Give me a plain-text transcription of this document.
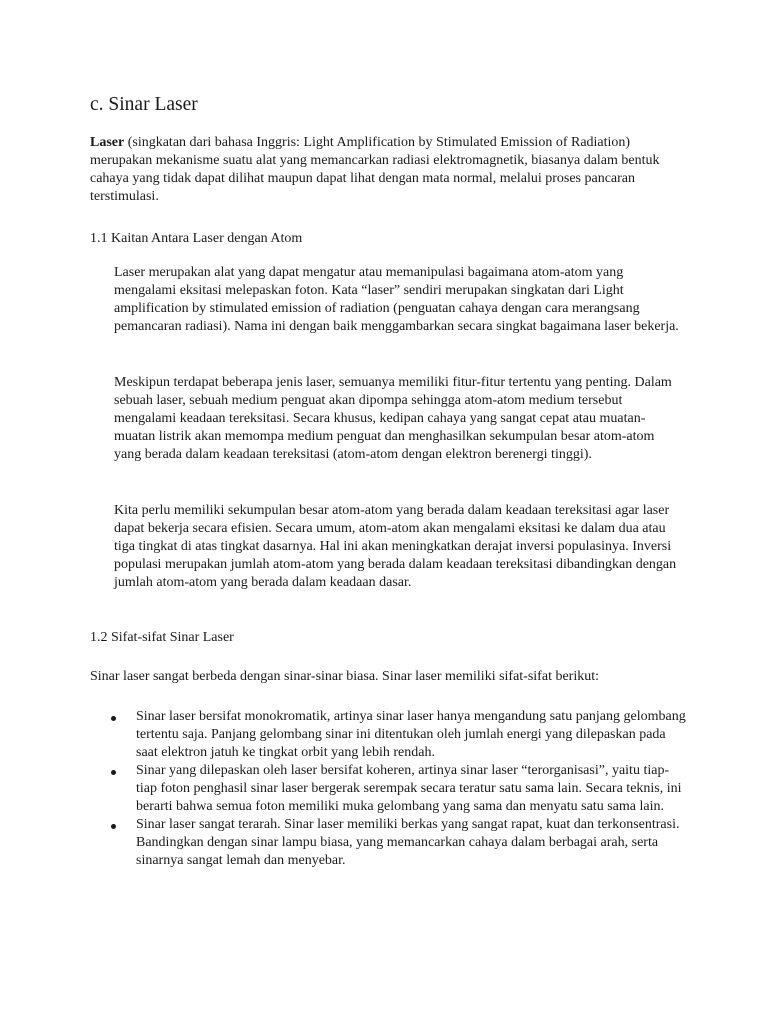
c. Sinar Laser

Laser (singkatan dari bahasa Inggris: Light Amplification by Stimulated Emission of Radiation) merupakan mekanisme suatu alat yang memancarkan radiasi elektromagnetik, biasanya dalam bentuk cahaya yang tidak dapat dilihat maupun dapat lihat dengan mata normal, melalui proses pancaran terstimulasi.

1.1 Kaitan Antara Laser dengan Atom

Laser merupakan alat yang dapat mengatur atau memanipulasi bagaimana atom-atom yang mengalami eksitasi melepaskan foton. Kata “laser” sendiri merupakan singkatan dari Light amplification by stimulated emission of radiation (penguatan cahaya dengan cara merangsang pemancaran radiasi). Nama ini dengan baik menggambarkan secara singkat bagaimana laser bekerja.

Meskipun terdapat beberapa jenis laser, semuanya memiliki fitur-fitur tertentu yang penting. Dalam sebuah laser, sebuah medium penguat akan dipompa sehingga atom-atom medium tersebut mengalami keadaan tereksitasi. Secara khusus, kedipan cahaya yang sangat cepat atau muatan-muatan listrik akan memompa medium penguat dan menghasilkan sekumpulan besar atom-atom yang berada dalam keadaan tereksitasi (atom-atom dengan elektron berenergi tinggi).

Kita perlu memiliki sekumpulan besar atom-atom yang berada dalam keadaan tereksitasi agar laser dapat bekerja secara efisien. Secara umum, atom-atom akan mengalami eksitasi ke dalam dua atau tiga tingkat di atas tingkat dasarnya. Hal ini akan meningkatkan derajat inversi populasinya. Inversi populasi merupakan jumlah atom-atom yang berada dalam keadaan tereksitasi dibandingkan dengan jumlah atom-atom yang berada dalam keadaan dasar.

1.2 Sifat-sifat Sinar Laser

Sinar laser sangat berbeda dengan sinar-sinar biasa. Sinar laser memiliki sifat-sifat berikut:

Sinar laser bersifat monokromatik, artinya sinar laser hanya mengandung satu panjang gelombang tertentu saja. Panjang gelombang sinar ini ditentukan oleh jumlah energi yang dilepaskan pada saat elektron jatuh ke tingkat orbit yang lebih rendah.
Sinar yang dilepaskan oleh laser bersifat koheren, artinya sinar laser “terorganisasi”, yaitu tiap-tiap foton penghasil sinar laser bergerak serempak secara teratur satu sama lain. Secara teknis, ini berarti bahwa semua foton memiliki muka gelombang yang sama dan menyatu satu sama lain.
Sinar laser sangat terarah. Sinar laser memiliki berkas yang sangat rapat, kuat dan terkonsentrasi. Bandingkan dengan sinar lampu biasa, yang memancarkan cahaya dalam berbagai arah, serta sinarnya sangat lemah dan menyebar.
